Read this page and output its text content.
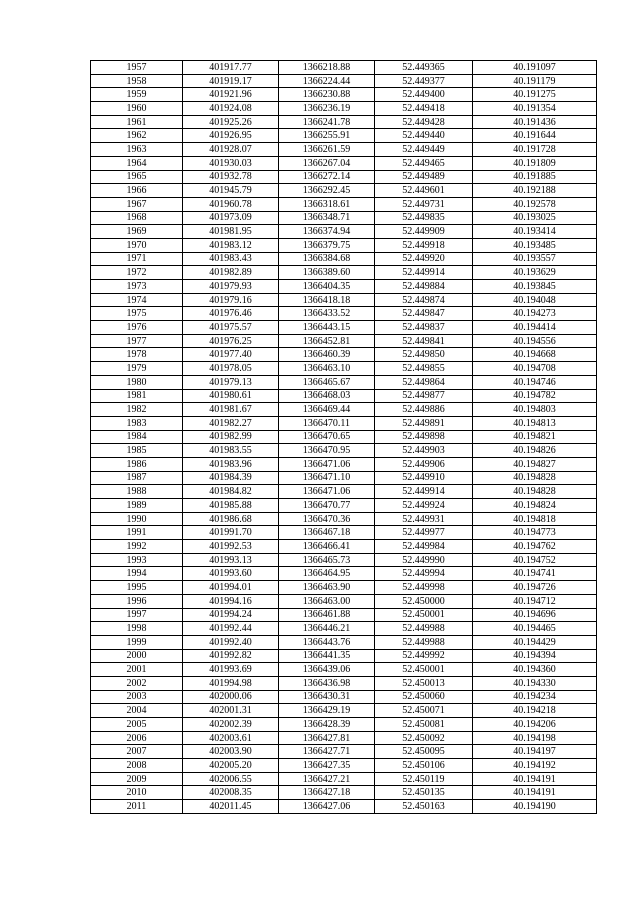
1957	401917.77	1366218.88	52.449365	40.191097
1958	401919.17	1366224.44	52.449377	40.191179
1959	401921.96	1366230.88	52.449400	40.191275
1960	401924.08	1366236.19	52.449418	40.191354
1961	401925.26	1366241.78	52.449428	40.191436
1962	401926.95	1366255.91	52.449440	40.191644
1963	401928.07	1366261.59	52.449449	40.191728
1964	401930.03	1366267.04	52.449465	40.191809
1965	401932.78	1366272.14	52.449489	40.191885
1966	401945.79	1366292.45	52.449601	40.192188
1967	401960.78	1366318.61	52.449731	40.192578
1968	401973.09	1366348.71	52.449835	40.193025
1969	401981.95	1366374.94	52.449909	40.193414
1970	401983.12	1366379.75	52.449918	40.193485
1971	401983.43	1366384.68	52.449920	40.193557
1972	401982.89	1366389.60	52.449914	40.193629
1973	401979.93	1366404.35	52.449884	40.193845
1974	401979.16	1366418.18	52.449874	40.194048
1975	401976.46	1366433.52	52.449847	40.194273
1976	401975.57	1366443.15	52.449837	40.194414
1977	401976.25	1366452.81	52.449841	40.194556
1978	401977.40	1366460.39	52.449850	40.194668
1979	401978.05	1366463.10	52.449855	40.194708
1980	401979.13	1366465.67	52.449864	40.194746
1981	401980.61	1366468.03	52.449877	40.194782
1982	401981.67	1366469.44	52.449886	40.194803
1983	401982.27	1366470.11	52.449891	40.194813
1984	401982.99	1366470.65	52.449898	40.194821
1985	401983.55	1366470.95	52.449903	40.194826
1986	401983.96	1366471.06	52.449906	40.194827
1987	401984.39	1366471.10	52.449910	40.194828
1988	401984.82	1366471.06	52.449914	40.194828
1989	401985.88	1366470.77	52.449924	40.194824
1990	401986.68	1366470.36	52.449931	40.194818
1991	401991.70	1366467.18	52.449977	40.194773
1992	401992.53	1366466.41	52.449984	40.194762
1993	401993.13	1366465.73	52.449990	40.194752
1994	401993.60	1366464.95	52.449994	40.194741
1995	401994.01	1366463.90	52.449998	40.194726
1996	401994.16	1366463.00	52.450000	40.194712
1997	401994.24	1366461.88	52.450001	40.194696
1998	401992.44	1366446.21	52.449988	40.194465
1999	401992.40	1366443.76	52.449988	40.194429
2000	401992.82	1366441.35	52.449992	40.194394
2001	401993.69	1366439.06	52.450001	40.194360
2002	401994.98	1366436.98	52.450013	40.194330
2003	402000.06	1366430.31	52.450060	40.194234
2004	402001.31	1366429.19	52.450071	40.194218
2005	402002.39	1366428.39	52.450081	40.194206
2006	402003.61	1366427.81	52.450092	40.194198
2007	402003.90	1366427.71	52.450095	40.194197
2008	402005.20	1366427.35	52.450106	40.194192
2009	402006.55	1366427.21	52.450119	40.194191
2010	402008.35	1366427.18	52.450135	40.194191
2011	402011.45	1366427.06	52.450163	40.194190
